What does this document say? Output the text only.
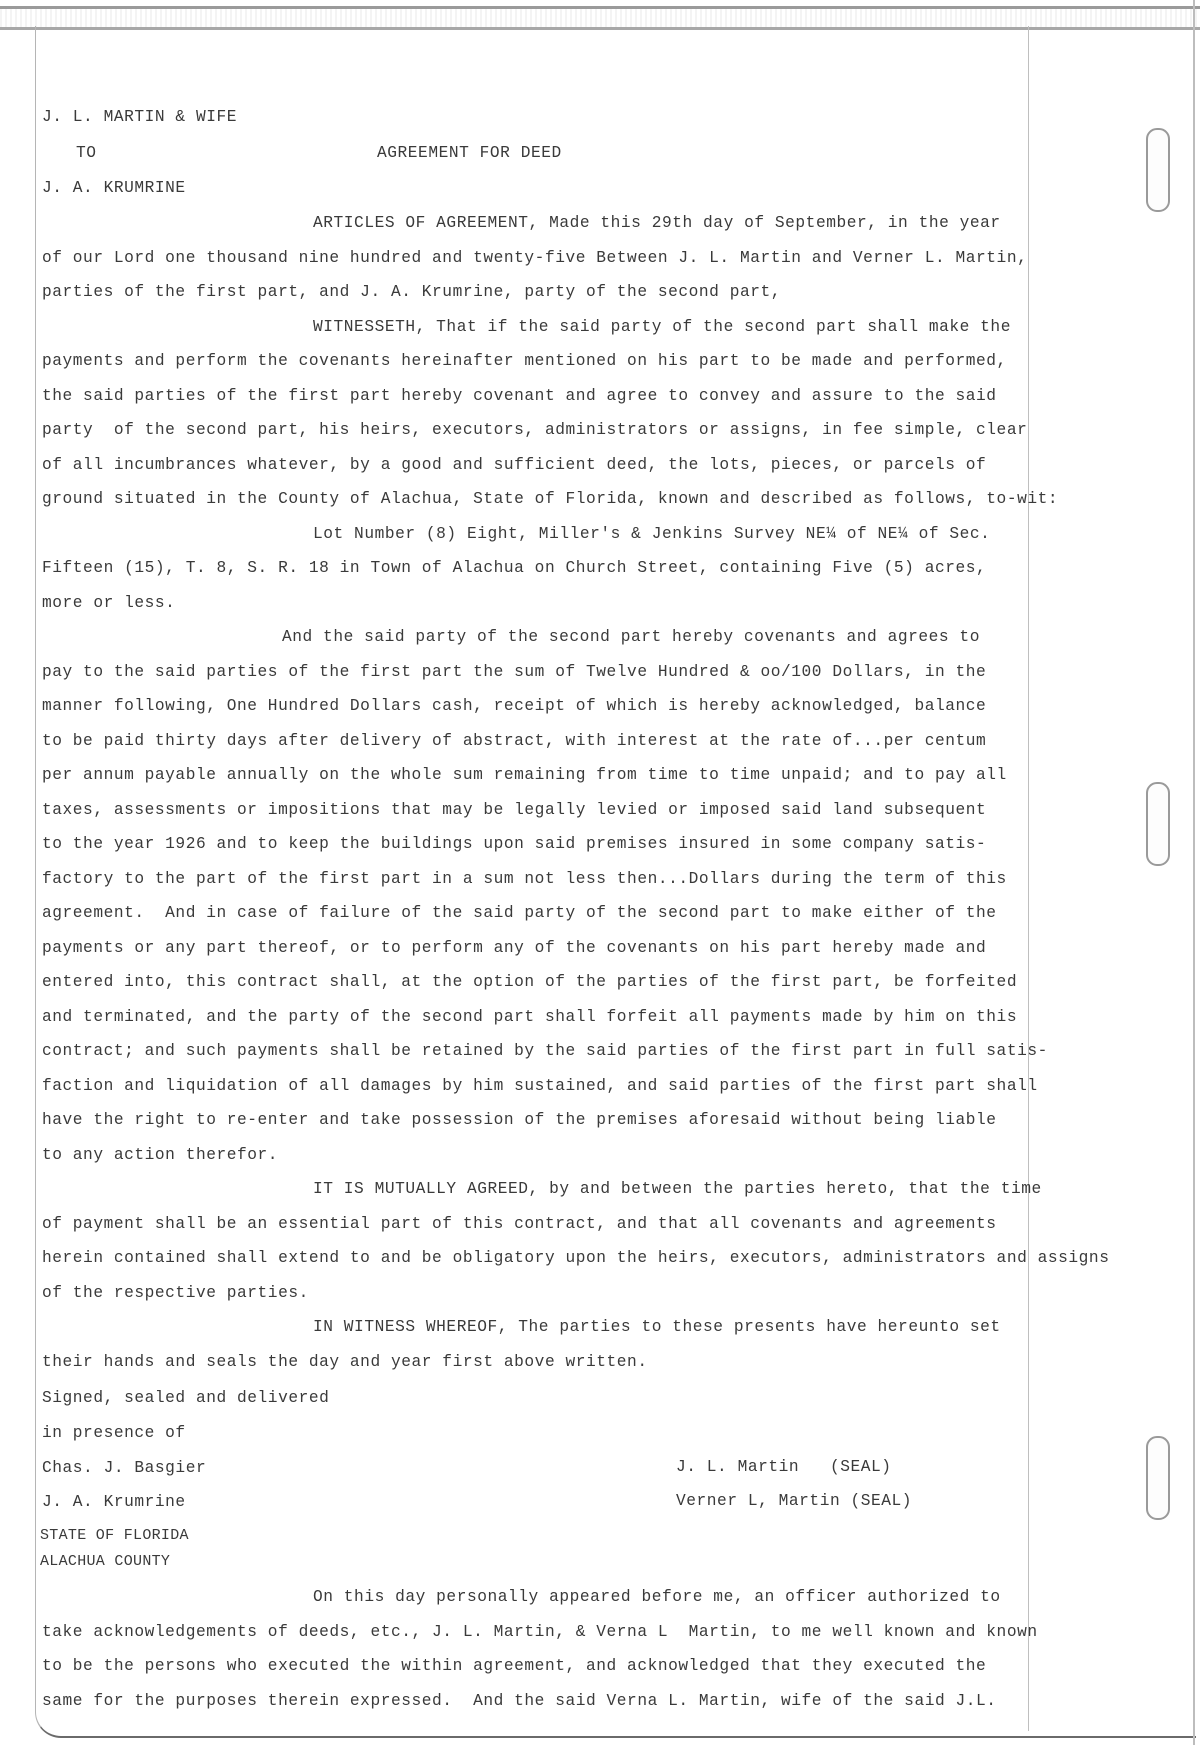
J. L. MARTIN & WIFE
TO	AGREEMENT FOR DEED
J. A. KRUMRINE
ARTICLES OF AGREEMENT, Made this 29th day of September, in the year
of our Lord one thousand nine hundred and twenty-five Between J. L. Martin and Verner L. Martin,
parties of the first part, and J. A. Krumrine, party of the second part,
WITNESSETH, That if the said party of the second part shall make the
payments and perform the covenants hereinafter mentioned on his part to be made and performed,
the said parties of the first part hereby covenant and agree to convey and assure to the said
party  of the second part, his heirs, executors, administrators or assigns, in fee simple, clear
of all incumbrances whatever, by a good and sufficient deed, the lots, pieces, or parcels of
ground situated in the County of Alachua, State of Florida, known and described as follows, to-wit:
Lot Number (8) Eight, Miller's & Jenkins Survey NE¼ of NE¼ of Sec.
Fifteen (15), T. 8, S. R. 18 in Town of Alachua on Church Street, containing Five (5) acres,
more or less.
And the said party of the second part hereby covenants and agrees to
pay to the said parties of the first part the sum of Twelve Hundred & oo/100 Dollars, in the
manner following, One Hundred Dollars cash, receipt of which is hereby acknowledged, balance
to be paid thirty days after delivery of abstract, with interest at the rate of...per centum
per annum payable annually on the whole sum remaining from time to time unpaid; and to pay all
taxes, assessments or impositions that may be legally levied or imposed said land subsequent
to the year 1926 and to keep the buildings upon said premises insured in some company satis-
factory to the part of the first part in a sum not less then...Dollars during the term of this
agreement.  And in case of failure of the said party of the second part to make either of the
payments or any part thereof, or to perform any of the covenants on his part hereby made and
entered into, this contract shall, at the option of the parties of the first part, be forfeited
and terminated, and the party of the second part shall forfeit all payments made by him on this
contract; and such payments shall be retained by the said parties of the first part in full satis-
faction and liquidation of all damages by him sustained, and said parties of the first part shall
have the right to re-enter and take possession of the premises aforesaid without being liable
to any action therefor.
IT IS MUTUALLY AGREED, by and between the parties hereto, that the time
of payment shall be an essential part of this contract, and that all covenants and agreements
herein contained shall extend to and be obligatory upon the heirs, executors, administrators and assigns
of the respective parties.
IN WITNESS WHEREOF, The parties to these presents have hereunto set
their hands and seals the day and year first above written.
Signed, sealed and delivered
in presence of
Chas. J. Basgier
J. A. Krumrine
J. L. Martin   (SEAL)
Verner L, Martin (SEAL)
STATE OF FLORIDA
ALACHUA COUNTY
On this day personally appeared before me, an officer authorized to
take acknowledgements of deeds, etc., J. L. Martin, & Verna L  Martin, to me well known and known
to be the persons who executed the within agreement, and acknowledged that they executed the
same for the purposes therein expressed.  And the said Verna L. Martin, wife of the said J.L.
